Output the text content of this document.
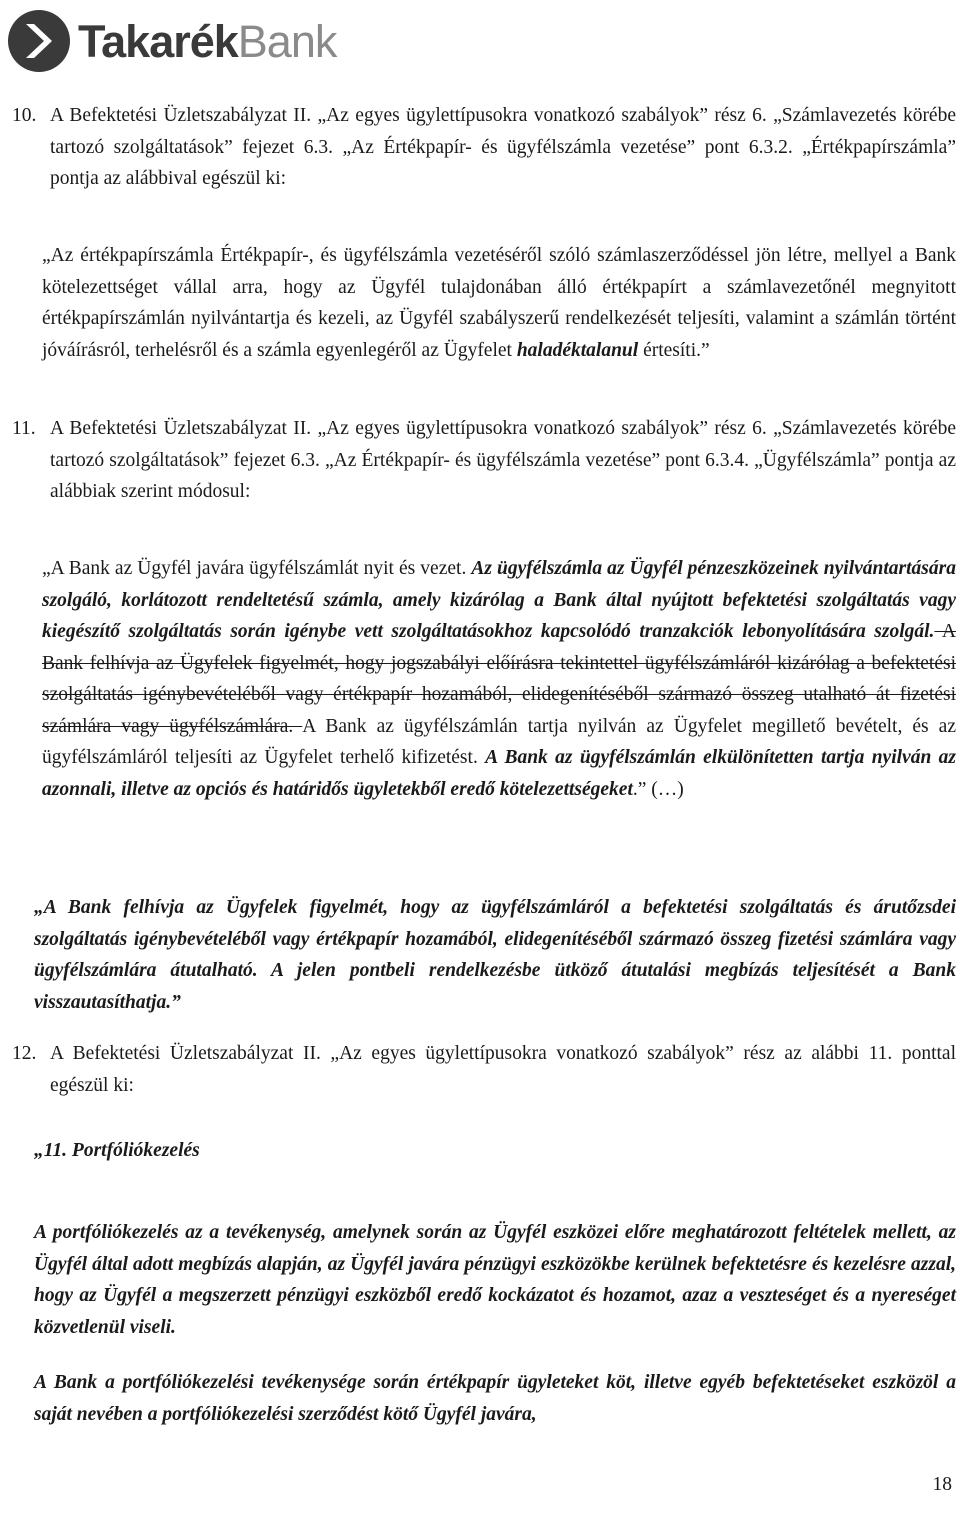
TakarékBank
10. A Befektetési Üzletszabályzat II. „Az egyes ügylettípusokra vonatkozó szabályok” rész 6. „Számlavezetés körébe tartozó szolgáltatások” fejezet 6.3. „Az Értékpapír- és ügyfélszámla vezetése” pont 6.3.2. „Értékpapírszámla” pontja az alábbival egészül ki:
„Az értékpapírszámla Értékpapír-, és ügyfélszámla vezetéséről szóló számlaszerződéssel jön létre, mellyel a Bank kötelezettséget vállal arra, hogy az Ügyfél tulajdonában álló értékpapírt a számlavezetőnél megnyitott értékpapírszámlán nyilvántartja és kezeli, az Ügyfél szabályszerű rendelkezését teljesíti, valamint a számlán történt jóváírásról, terhelésről és a számla egyenlegéről az Ügyfelet haladéktalanul értesíti.”
11. A Befektetési Üzletszabályzat II. „Az egyes ügylettípusokra vonatkozó szabályok” rész 6. „Számlavezetés körébe tartozó szolgáltatások” fejezet 6.3. „Az Értékpapír- és ügyfélszámla vezetése” pont 6.3.4. „Ügyfélszámla” pontja az alábbiak szerint módosul:
„A Bank az Ügyfél javára ügyfélszámlát nyit és vezet. Az ügyfélszámla az Ügyfél pénzeszközeinek nyilvántartására szolgáló, korlátozott rendeltetésű számla, amely kizárólag a Bank által nyújtott befektetési szolgáltatás vagy kiegészítő szolgáltatás során igénybe vett szolgáltatásokhoz kapcsolódó tranzakciók lebonyolítására szolgál. A Bank felhívja az Ügyfelek figyelmét, hogy jogszabályi előírásra tekintettel ügyfélszámláról kizárólag a befektetési szolgáltatás igénybevételéből vagy értékpapír hozamából, elidegenítéséből származó összeg utalható át fizetési számlára vagy ügyfélszámlára. A Bank az ügyfélszámlán tartja nyilván az Ügyfelet megillető bevételt, és az ügyfélszámláról teljesíti az Ügyfelet terhelő kifizetést. A Bank az ügyfélszámlán elkülönítetten tartja nyilván az azonnali, illetve az opciós és határidős ügyletekből eredő kötelezettségeket.” (…)
„A Bank felhívja az Ügyfelek figyelmét, hogy az ügyfélszámláról a befektetési szolgáltatás és árutőzsdei szolgáltatás igénybevételéből vagy értékpapír hozamából, elidegenítéséből származó összeg fizetési számlára vagy ügyfélszámlára átutalható. A jelen pontbeli rendelkezésbe ütköző átutalási megbízás teljesítését a Bank visszautasíthatja.”
12. A Befektetési Üzletszabályzat II. „Az egyes ügylettípusokra vonatkozó szabályok” rész az alábbi 11. ponttal egészül ki:
„11. Portfóliókezelés
A portfóliókezelés az a tevékenység, amelynek során az Ügyfél eszközei előre meghatározott feltételek mellett, az Ügyfél által adott megbízás alapján, az Ügyfél javára pénzügyi eszközökbe kerülnek befektetésre és kezelésre azzal, hogy az Ügyfél a megszerzett pénzügyi eszközből eredő kockázatot és hozamot, azaz a veszteséget és a nyereséget közvetlenül viseli.
A Bank a portfóliókezelési tevékenysége során értékpapír ügyleteket köt, illetve egyéb befektetéseket eszközöl a saját nevében a portfóliókezelési szerződést kötő Ügyfél javára,
18
